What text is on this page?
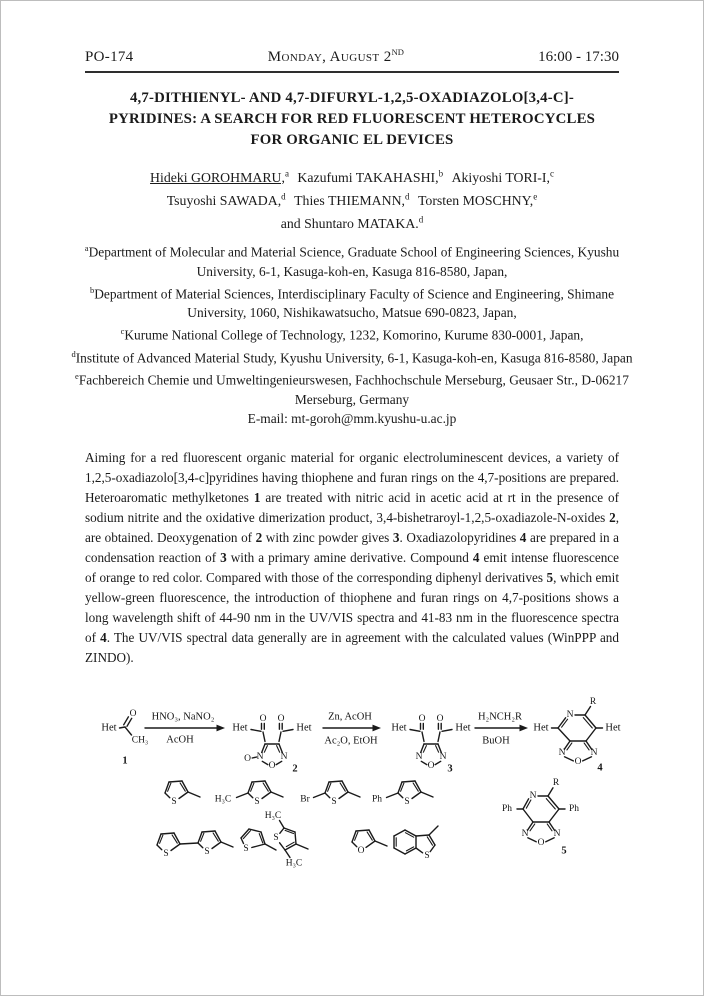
PO-174	Monday, August 2ND	16:00 - 17:30
4,7-DITHIENYL- AND 4,7-DIFURYL-1,2,5-OXADIAZOLO[3,4-C]-
PYRIDINES: A SEARCH FOR RED FLUORESCENT HETEROCYCLES
FOR ORGANIC EL DEVICES
Hideki GOROHMARU,$^a$ Kazufumi TAKAHASHI,$^b$ Akiyoshi TORI-I,$^c$
Tsuyoshi SAWADA,$^d$ Thies THIEMANN,$^d$ Torsten MOSCHNY,$^e$
and Shuntaro MATAKA.$^d$
$^a$Department of Molecular and Material Science, Graduate School of Engineering Sciences, Kyushu University, 6-1, Kasuga-koh-en, Kasuga 816-8580, Japan,
$^b$Department of Material Sciences, Interdisciplinary Faculty of Science and Engineering, Shimane University, 1060, Nishikawatsucho, Matsue 690-0823, Japan,
$^c$Kurume National College of Technology, 1232, Komorino, Kurume 830-0001, Japan,
$^d$Institute of Advanced Material Study, Kyushu University, 6-1, Kasuga-koh-en, Kasuga 816-8580, Japan
$^e$Fachbereich Chemie und Umweltingenieurswesen, Fachhochschule Merseburg, Geusaer Str., D-06217 Merseburg, Germany
E-mail: mt-goroh@mm.kyushu-u.ac.jp

Aiming for a red fluorescent organic material for organic electroluminescent devices, a variety of 1,2,5-oxadiazolo[3,4-c]pyridines having thiophene and furan rings on the 4,7-positions are prepared. Heteroaromatic methylketones 1 are treated with nitric acid in acetic acid at rt in the presence of sodium nitrite and the oxidative dimerization product, 3,4-bishetraroyl-1,2,5-oxadiazole-N-oxides 2, are obtained. Deoxygenation of 2 with zinc powder gives 3. Oxadiazolopyridines 4 are prepared in a condensation reaction of 3 with a primary amine derivative. Compound 4 emit intense fluorescence of orange to red color. Compared with those of the corresponding diphenyl derivatives 5, which emit yellow-green fluorescence, the introduction of thiophene and furan rings on 4,7-positions shows a long wavelength shift of 44-90 nm in the UV/VIS spectra and 41-83 nm in the fluorescence spectra of 4. The UV/VIS spectral data generally are in agreement with the calculated values (WinPPP and ZINDO).

Het
O
CH₃
1
HNO₃, NaNO₂
AcOH
Het
O O
Het
N N
O
O
2
Zn, AcOH
Ac₂O, EtOH
Het
O O
Het
N N
O 3
H₂NCH₂R
BuOH
N
R
Het
Het
N	N
O
4
S	H₃C S	Br S	Ph S
S	S	S
H₃C
S
H₃C
O	S
N
R
Ph
Ph
N	N
O
5
